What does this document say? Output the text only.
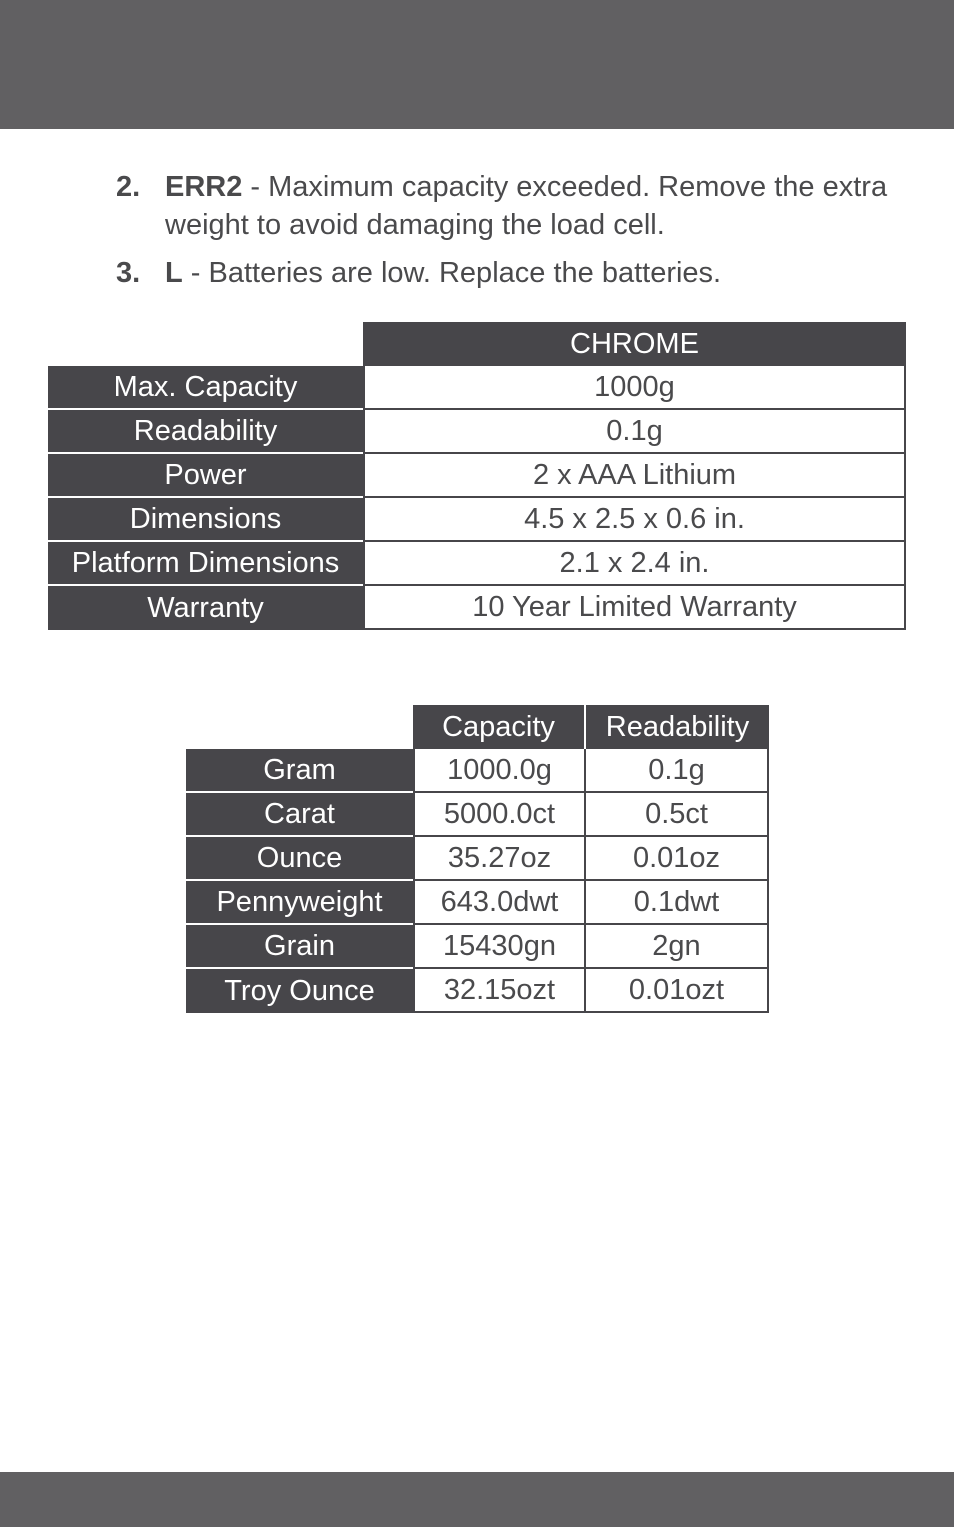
2. ERR2 - Maximum capacity exceeded. Remove the extra weight to avoid damaging the load cell.
3. L - Batteries are low. Replace the batteries.
	CHROME
Max. Capacity	1000g
Readability	0.1g
Power	2 x AAA Lithium
Dimensions	4.5 x 2.5 x 0.6 in.
Platform Dimensions	2.1 x 2.4 in.
Warranty	10 Year Limited Warranty
	Capacity	Readability
Gram	1000.0g	0.1g
Carat	5000.0ct	0.5ct
Ounce	35.27oz	0.01oz
Pennyweight	643.0dwt	0.1dwt
Grain	15430gn	2gn
Troy Ounce	32.15ozt	0.01ozt
